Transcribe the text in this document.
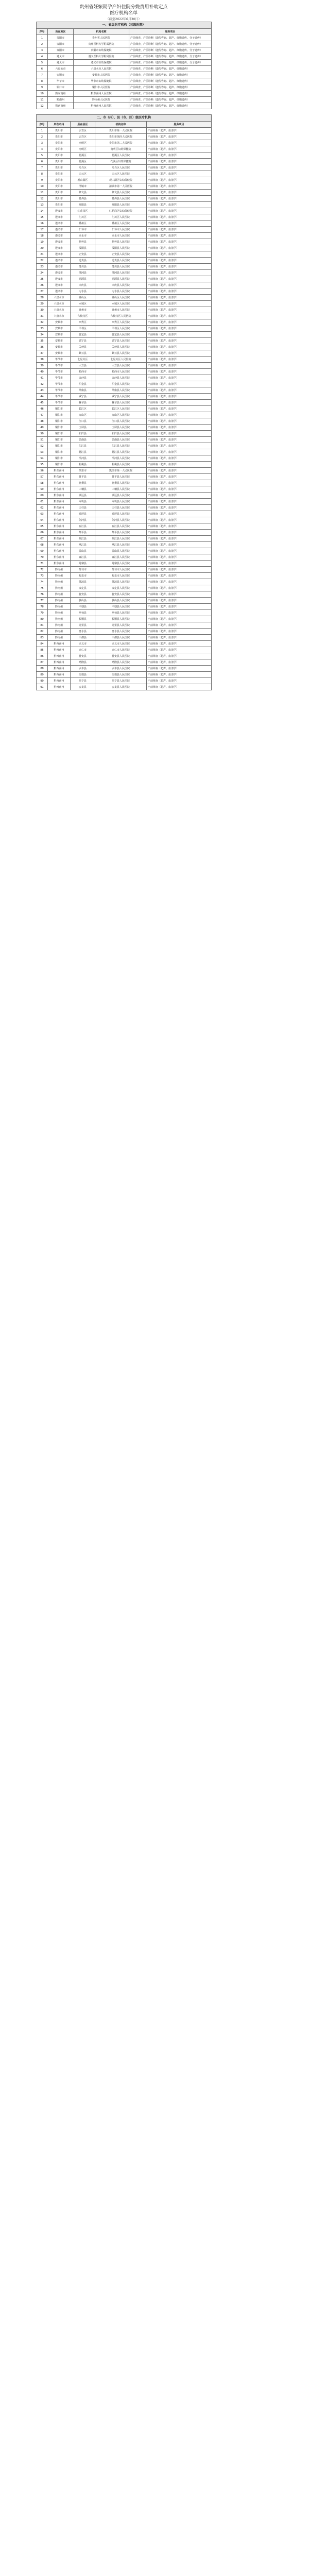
贵州省妊娠期孕产妇住院分娩费用补助定点
医疗机构名单
（截至2022年6月30日）
一、省级医疗机构（三级医院）			
序号	所在地区	机构名称	服务项目
1	贵阳市	贵州省人民医院	产前筛查、产前诊断（遗传咨询、超声、细胞遗传、分子遗传）
2	贵阳市	贵州医科大学附属医院	产前筛查、产前诊断（遗传咨询、超声、细胞遗传、分子遗传）
3	贵阳市	贵阳市妇幼保健院	产前筛查、产前诊断（遗传咨询、超声、细胞遗传、分子遗传）
4	遵义市	遵义医科大学附属医院	产前筛查、产前诊断（遗传咨询、超声、细胞遗传、分子遗传）
5	遵义市	遵义市妇幼保健院	产前筛查、产前诊断（遗传咨询、超声、细胞遗传、分子遗传）
6	六盘水市	六盘水市人民医院	产前筛查、产前诊断（遗传咨询、超声、细胞遗传）
7	安顺市	安顺市人民医院	产前筛查、产前诊断（遗传咨询、超声、细胞遗传）
8	毕节市	毕节市妇幼保健院	产前筛查、产前诊断（遗传咨询、超声、细胞遗传）
9	铜仁市	铜仁市人民医院	产前筛查、产前诊断（遗传咨询、超声、细胞遗传）
10	黔东南州	黔东南州人民医院	产前筛查、产前诊断（遗传咨询、超声、细胞遗传）
11	黔南州	黔南州人民医院	产前筛查、产前诊断（遗传咨询、超声、细胞遗传）
12	黔西南州	黔西南州人民医院	产前筛查、产前诊断（遗传咨询、超声、细胞遗传）
二、市（州）、县（市、区）级医疗机构				
序号	所在市州	所在县区	机构名称	服务项目
1	贵阳市	云岩区	贵阳市第一人民医院	产前筛查（超声、血清学）
2	贵阳市	云岩区	贵阳市第四人民医院	产前筛查（超声、血清学）
3	贵阳市	南明区	贵阳市第二人民医院	产前筛查（超声、血清学）
4	贵阳市	南明区	南明区妇幼保健院	产前筛查（超声、血清学）
5	贵阳市	花溪区	花溪区人民医院	产前筛查（超声、血清学）
6	贵阳市	花溪区	花溪区妇幼保健院	产前筛查（超声、血清学）
7	贵阳市	乌当区	乌当区人民医院	产前筛查（超声、血清学）
8	贵阳市	白云区	白云区人民医院	产前筛查（超声、血清学）
9	贵阳市	观山湖区	观山湖区妇幼保健院	产前筛查（超声、血清学）
10	贵阳市	清镇市	清镇市第一人民医院	产前筛查（超声、血清学）
11	贵阳市	修文县	修文县人民医院	产前筛查（超声、血清学）
12	贵阳市	息烽县	息烽县人民医院	产前筛查（超声、血清学）
13	贵阳市	开阳县	开阳县人民医院	产前筛查（超声、血清学）
14	遵义市	红花岗区	红花岗区妇幼保健院	产前筛查（超声、血清学）
15	遵义市	汇川区	汇川区人民医院	产前筛查（超声、血清学）
16	遵义市	播州区	播州区人民医院	产前筛查（超声、血清学）
17	遵义市	仁怀市	仁怀市人民医院	产前筛查（超声、血清学）
18	遵义市	赤水市	赤水市人民医院	产前筛查（超声、血清学）
19	遵义市	桐梓县	桐梓县人民医院	产前筛查（超声、血清学）
20	遵义市	绥阳县	绥阳县人民医院	产前筛查（超声、血清学）
21	遵义市	正安县	正安县人民医院	产前筛查（超声、血清学）
22	遵义市	道真县	道真县人民医院	产前筛查（超声、血清学）
23	遵义市	务川县	务川县人民医院	产前筛查（超声、血清学）
24	遵义市	凤冈县	凤冈县人民医院	产前筛查（超声、血清学）
25	遵义市	湄潭县	湄潭县人民医院	产前筛查（超声、血清学）
26	遵义市	余庆县	余庆县人民医院	产前筛查（超声、血清学）
27	遵义市	习水县	习水县人民医院	产前筛查（超声、血清学）
28	六盘水市	钟山区	钟山区人民医院	产前筛查（超声、血清学）
29	六盘水市	水城区	水城区人民医院	产前筛查（超声、血清学）
30	六盘水市	盘州市	盘州市人民医院	产前筛查（超声、血清学）
31	六盘水市	六枝特区	六枝特区人民医院	产前筛查（超声、血清学）
32	安顺市	西秀区	西秀区人民医院	产前筛查（超声、血清学）
33	安顺市	平坝区	平坝区人民医院	产前筛查（超声、血清学）
34	安顺市	普定县	普定县人民医院	产前筛查（超声、血清学）
35	安顺市	镇宁县	镇宁县人民医院	产前筛查（超声、血清学）
36	安顺市	关岭县	关岭县人民医院	产前筛查（超声、血清学）
37	安顺市	紫云县	紫云县人民医院	产前筛查（超声、血清学）
38	毕节市	七星关区	七星关区人民医院	产前筛查（超声、血清学）
39	毕节市	大方县	大方县人民医院	产前筛查（超声、血清学）
40	毕节市	黔西市	黔西市人民医院	产前筛查（超声、血清学）
41	毕节市	金沙县	金沙县人民医院	产前筛查（超声、血清学）
42	毕节市	织金县	织金县人民医院	产前筛查（超声、血清学）
43	毕节市	纳雍县	纳雍县人民医院	产前筛查（超声、血清学）
44	毕节市	威宁县	威宁县人民医院	产前筛查（超声、血清学）
45	毕节市	赫章县	赫章县人民医院	产前筛查（超声、血清学）
46	铜仁市	碧江区	碧江区人民医院	产前筛查（超声、血清学）
47	铜仁市	万山区	万山区人民医院	产前筛查（超声、血清学）
48	铜仁市	江口县	江口县人民医院	产前筛查（超声、血清学）
49	铜仁市	玉屏县	玉屏县人民医院	产前筛查（超声、血清学）
50	铜仁市	石阡县	石阡县人民医院	产前筛查（超声、血清学）
51	铜仁市	思南县	思南县人民医院	产前筛查（超声、血清学）
52	铜仁市	印江县	印江县人民医院	产前筛查（超声、血清学）
53	铜仁市	德江县	德江县人民医院	产前筛查（超声、血清学）
54	铜仁市	沿河县	沿河县人民医院	产前筛查（超声、血清学）
55	铜仁市	松桃县	松桃县人民医院	产前筛查（超声、血清学）
56	黔东南州	凯里市	凯里市第一人民医院	产前筛查（超声、血清学）
57	黔东南州	黄平县	黄平县人民医院	产前筛查（超声、血清学）
58	黔东南州	施秉县	施秉县人民医院	产前筛查（超声、血清学）
59	黔东南州	三穗县	三穗县人民医院	产前筛查（超声、血清学）
60	黔东南州	镇远县	镇远县人民医院	产前筛查（超声、血清学）
61	黔东南州	岑巩县	岑巩县人民医院	产前筛查（超声、血清学）
62	黔东南州	天柱县	天柱县人民医院	产前筛查（超声、血清学）
63	黔东南州	锦屏县	锦屏县人民医院	产前筛查（超声、血清学）
64	黔东南州	剑河县	剑河县人民医院	产前筛查（超声、血清学）
65	黔东南州	台江县	台江县人民医院	产前筛查（超声、血清学）
66	黔东南州	黎平县	黎平县人民医院	产前筛查（超声、血清学）
67	黔东南州	榕江县	榕江县人民医院	产前筛查（超声、血清学）
68	黔东南州	从江县	从江县人民医院	产前筛查（超声、血清学）
69	黔东南州	雷山县	雷山县人民医院	产前筛查（超声、血清学）
70	黔东南州	麻江县	麻江县人民医院	产前筛查（超声、血清学）
71	黔东南州	丹寨县	丹寨县人民医院	产前筛查（超声、血清学）
72	黔南州	都匀市	都匀市人民医院	产前筛查（超声、血清学）
73	黔南州	福泉市	福泉市人民医院	产前筛查（超声、血清学）
74	黔南州	荔波县	荔波县人民医院	产前筛查（超声、血清学）
75	黔南州	贵定县	贵定县人民医院	产前筛查（超声、血清学）
76	黔南州	瓮安县	瓮安县人民医院	产前筛查（超声、血清学）
77	黔南州	独山县	独山县人民医院	产前筛查（超声、血清学）
78	黔南州	平塘县	平塘县人民医院	产前筛查（超声、血清学）
79	黔南州	罗甸县	罗甸县人民医院	产前筛查（超声、血清学）
80	黔南州	长顺县	长顺县人民医院	产前筛查（超声、血清学）
81	黔南州	龙里县	龙里县人民医院	产前筛查（超声、血清学）
82	黔南州	惠水县	惠水县人民医院	产前筛查（超声、血清学）
83	黔南州	三都县	三都县人民医院	产前筛查（超声、血清学）
84	黔西南州	兴义市	兴义市人民医院	产前筛查（超声、血清学）
85	黔西南州	兴仁市	兴仁市人民医院	产前筛查（超声、血清学）
86	黔西南州	普安县	普安县人民医院	产前筛查（超声、血清学）
87	黔西南州	晴隆县	晴隆县人民医院	产前筛查（超声、血清学）
88	黔西南州	贞丰县	贞丰县人民医院	产前筛查（超声、血清学）
89	黔西南州	望谟县	望谟县人民医院	产前筛查（超声、血清学）
90	黔西南州	册亨县	册亨县人民医院	产前筛查（超声、血清学）
91	黔西南州	安龙县	安龙县人民医院	产前筛查（超声、血清学）
